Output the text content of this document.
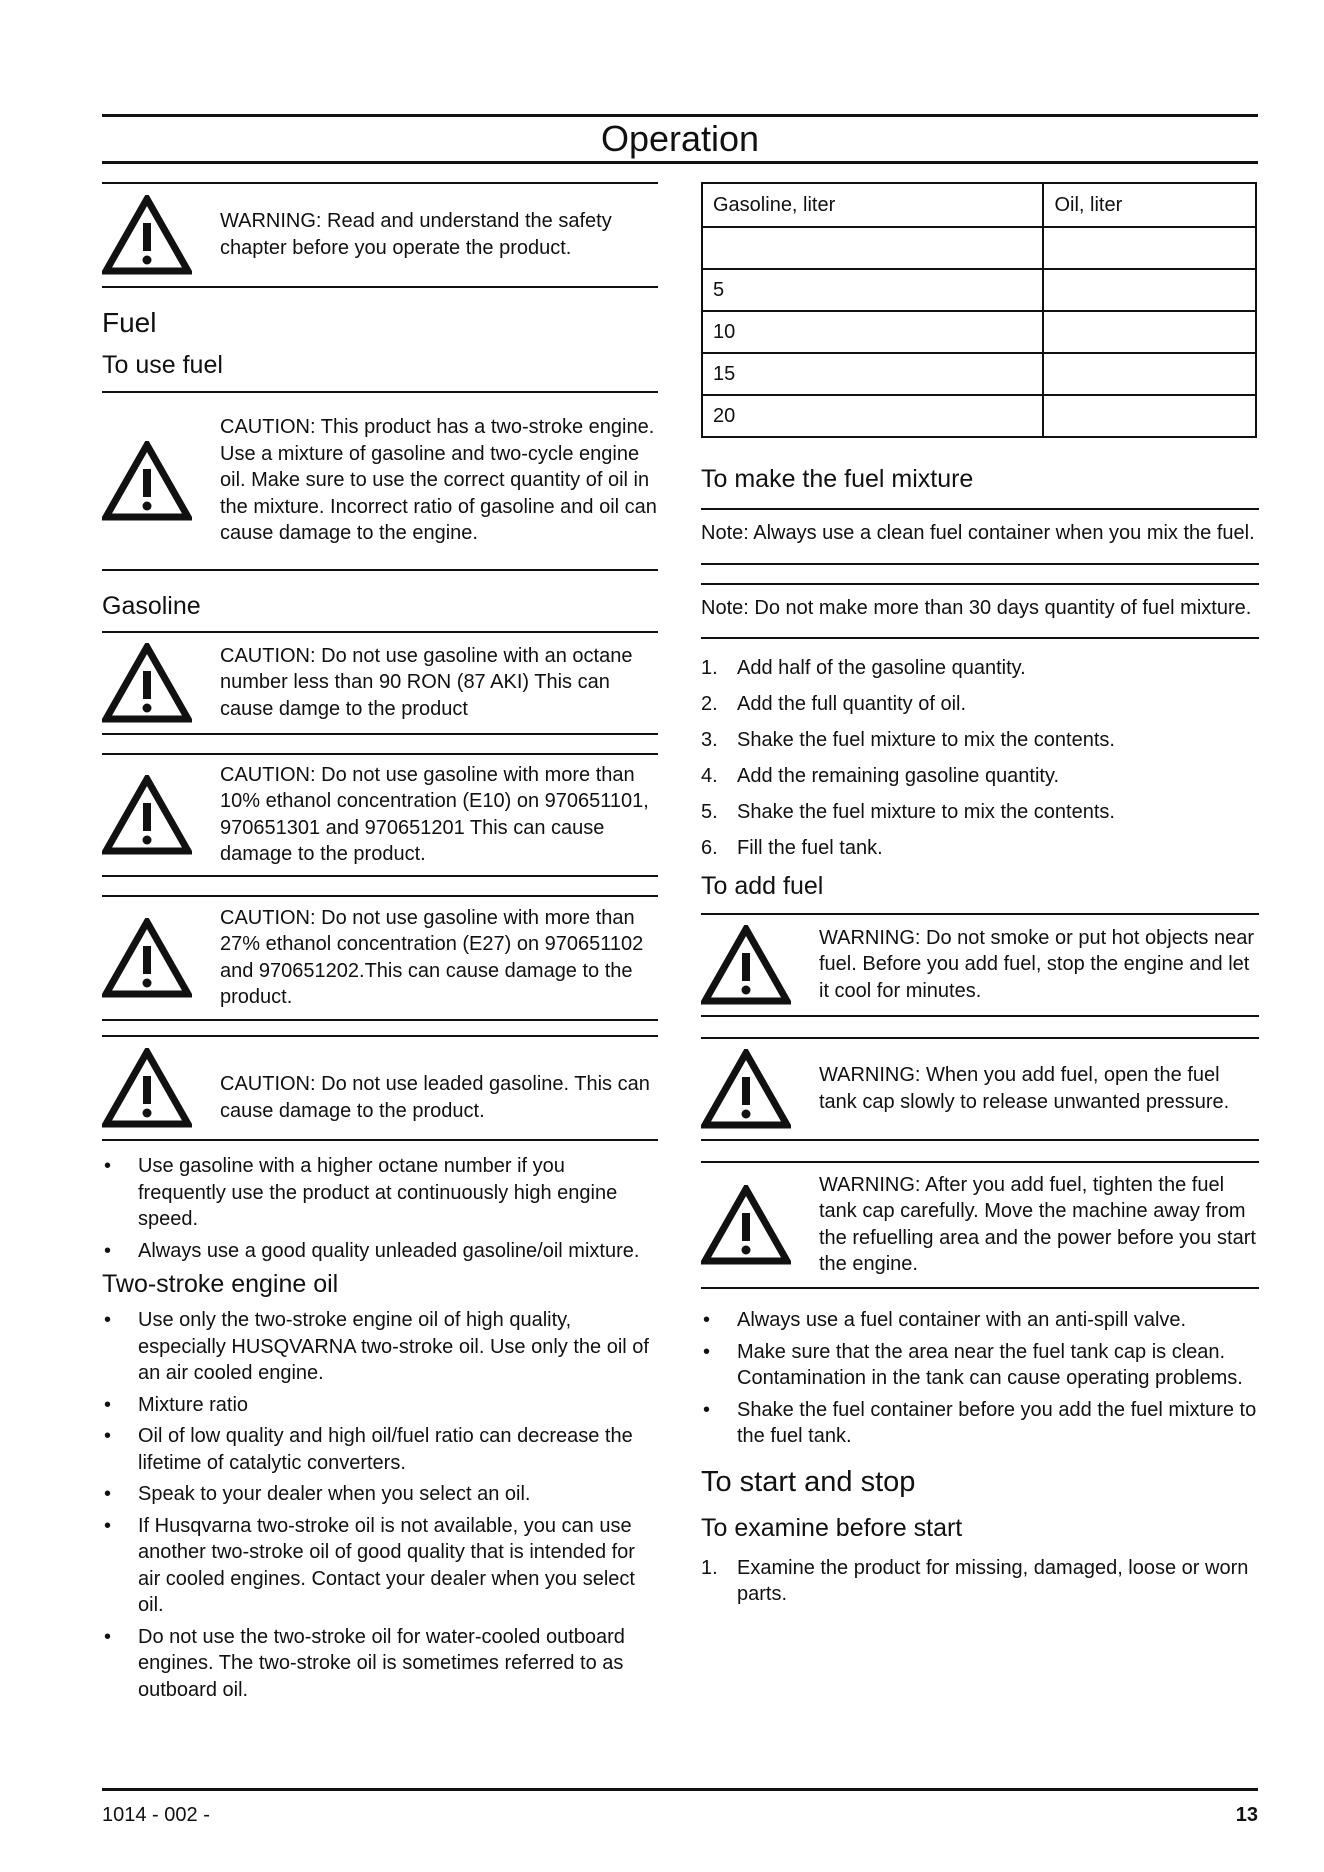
Operation
WARNING: Read and understand the safety chapter before you operate the product.
Fuel
To use fuel
CAUTION: This product has a two-stroke engine. Use a mixture of gasoline and two-cycle engine oil. Make sure to use the correct quantity of oil in the mixture. Incorrect ratio of gasoline and oil can cause damage to the engine.
Gasoline
CAUTION: Do not use gasoline with an octane number less than 90 RON (87 AKI) This can cause damge to the product
CAUTION: Do not use gasoline with more than 10% ethanol concentration (E10) on 970651101, 970651301 and 970651201 This can cause damage to the product.
CAUTION: Do not use gasoline with more than 27% ethanol concentration (E27) on 970651102 and 970651202.This can cause damage to the product.
CAUTION: Do not use leaded gasoline. This can cause damage to the product.
• Use gasoline with a higher octane number if you frequently use the product at continuously high engine speed.
• Always use a good quality unleaded gasoline/oil mixture.
Two-stroke engine oil
• Use only the two-stroke engine oil of high quality, especially HUSQVARNA two-stroke oil. Use only the oil of an air cooled engine.
• Mixture ratio
• Oil of low quality and high oil/fuel ratio can decrease the lifetime of catalytic converters.
• Speak to your dealer when you select an oil.
• If Husqvarna two-stroke oil is not available, you can use another two-stroke oil of good quality that is intended for air cooled engines. Contact your dealer when you select oil.
• Do not use the two-stroke oil for water-cooled outboard engines. The two-stroke oil is sometimes referred to as outboard oil.
Gasoline, liter	Oil, liter

5	
10	
15	
20	
To make the fuel mixture
Note: Always use a clean fuel container when you mix the fuel.
Note: Do not make more than 30 days quantity of fuel mixture.
1. Add half of the gasoline quantity.
2. Add the full quantity of oil.
3. Shake the fuel mixture to mix the contents.
4. Add the remaining gasoline quantity.
5. Shake the fuel mixture to mix the contents.
6. Fill the fuel tank.
To add fuel
WARNING: Do not smoke or put hot objects near fuel. Before you add fuel, stop the engine and let it cool for minutes.
WARNING: When you add fuel, open the fuel tank cap slowly to release unwanted pressure.
WARNING: After you add fuel, tighten the fuel tank cap carefully. Move the machine away from the refuelling area and the power before you start the engine.
• Always use a fuel container with an anti-spill valve.
• Make sure that the area near the fuel tank cap is clean. Contamination in the tank can cause operating problems.
• Shake the fuel container before you add the fuel mixture to the fuel tank.
To start and stop
To examine before start
1. Examine the product for missing, damaged, loose or worn parts.
1014 - 002 -	13
